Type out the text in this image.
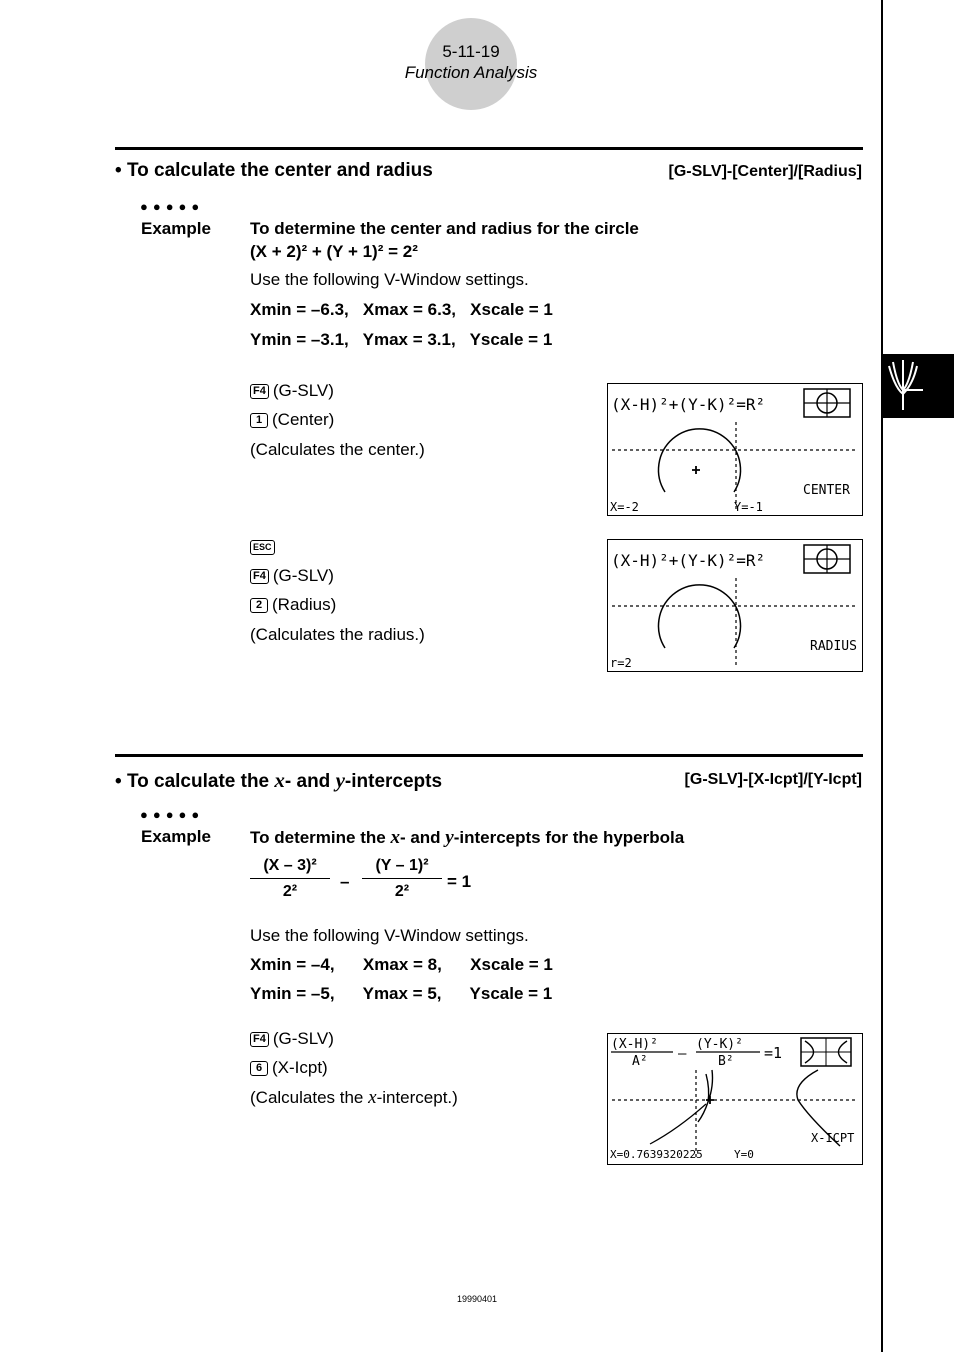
5-11-19
Function Analysis
• To calculate the center and radius	[G-SLV]-[Center]/[Radius]
●●●●●
Example To determine the center and radius for the circle
(X + 2)² + (Y + 1)² = 2²
Use the following V-Window settings.
Xmin = –6.3,   Xmax = 6.3,   Xscale = 1
Ymin = –3.1,   Ymax = 3.1,   Yscale = 1
F4 (G-SLV)
1 (Center)
(Calculates the center.)
(X-H)²+(Y-K)²=R²
CENTER
X=-2	Y=-1
ESC
F4 (G-SLV)
2 (Radius)
(Calculates the radius.)
(X-H)²+(Y-K)²=R²
RADIUS
r=2
• To calculate the x- and y-intercepts	[G-SLV]-[X-Icpt]/[Y-Icpt]
●●●●●
Example To determine the x- and y-intercepts for the hyperbola
(X – 3)²
2²
–
(Y – 1)²
2²
= 1
Use the following V-Window settings.
Xmin = –4,      Xmax = 8,      Xscale = 1
Ymin = –5,      Ymax = 5,      Yscale = 1
F4 (G-SLV)
6 (X-Icpt)
(Calculates the x-intercept.)
(X-H)²
A² –
(Y-K)²
B² =1
X-ICPT
X=0.7639320225	Y=0
19990401
